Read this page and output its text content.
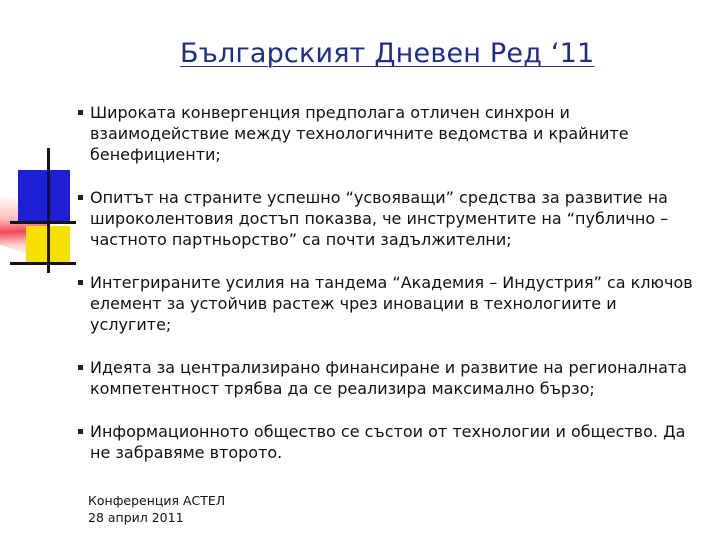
Българският Дневен Ред ‘11
Широката конвергенция предполага отличен синхрон и взаимодействие между технологичните ведомства и крайните бенефициенти;
Опитът на страните успешно “усвояващи” средства за развитие на широколентовия достъп показва, че инструментите на “публично – частното партньорство” са почти задължителни;
Интегрираните усилия на тандема “Академия – Индустрия” са ключов елемент за устойчив растеж чрез иновации в технологиите и услугите;
Идеята за централизирано финансиране и развитие на регионалната компетентност трябва да се реализира максимално бързо;
Информационното общество се състои от технологии и общество. Да не забравяме второто.
Конференция АСТЕЛ
28 април 2011
